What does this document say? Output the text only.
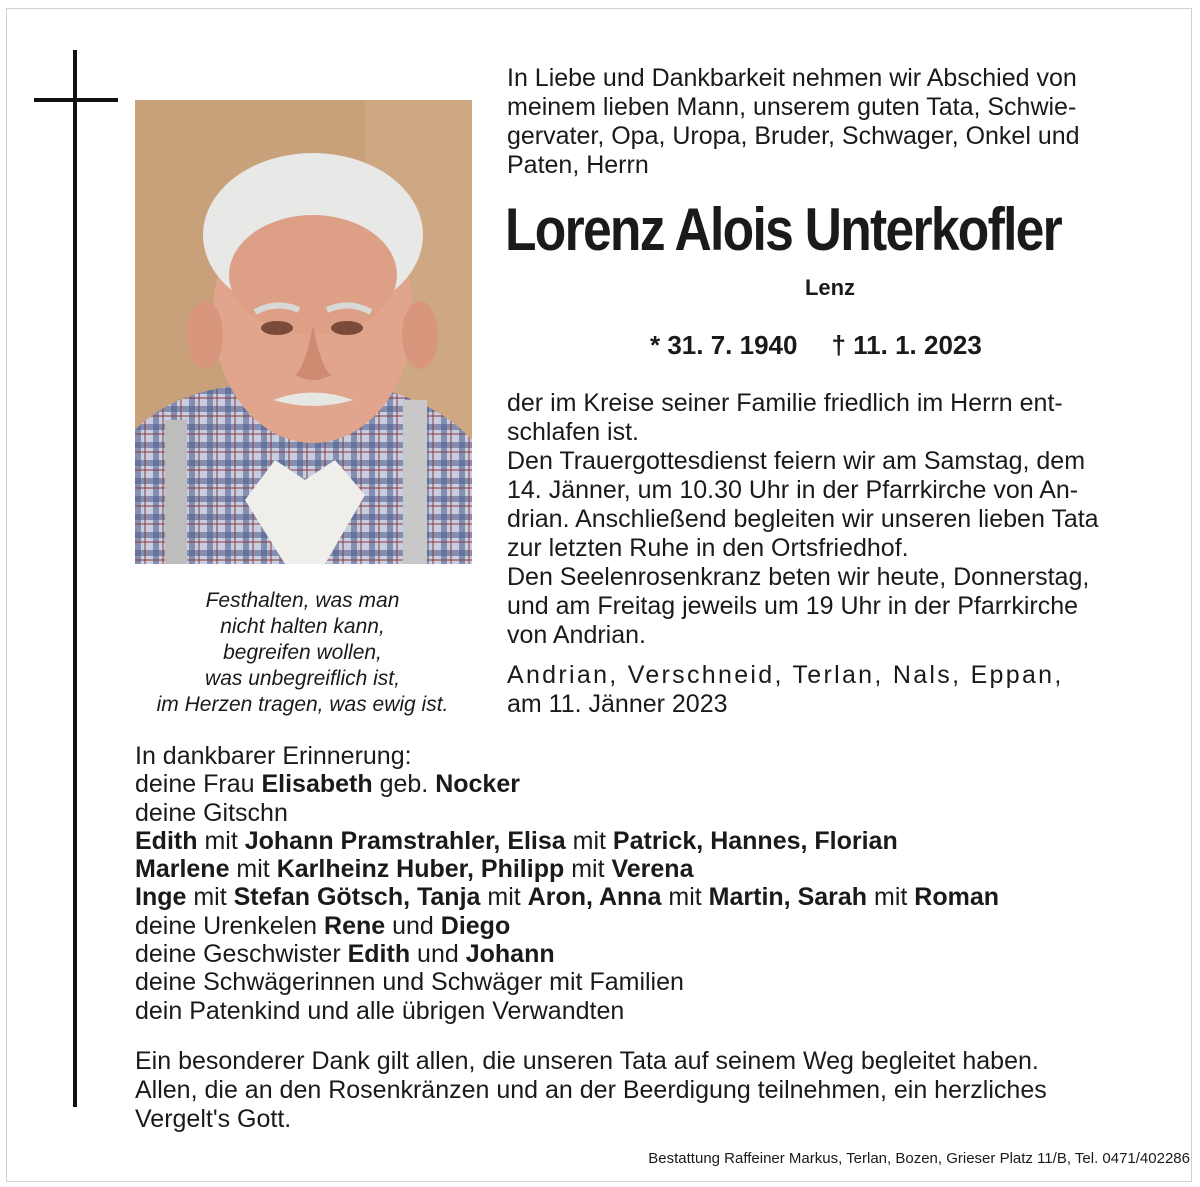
Festhalten, was man
nicht halten kann,
begreifen wollen,
was unbegreiflich ist,
im Herzen tragen, was ewig ist.
In Liebe und Dankbarkeit nehmen wir Abschied von
meinem lieben Mann, unserem guten Tata, Schwie-
gervater, Opa, Uropa, Bruder, Schwager, Onkel und
Paten, Herrn
Lorenz Alois Unterkofler
Lenz
* 31. 7. 1940 † 11. 1. 2023
der im Kreise seiner Familie friedlich im Herrn ent-
schlafen ist.
Den Trauergottesdienst feiern wir am Samstag, dem
14. Jänner, um 10.30 Uhr in der Pfarrkirche von An-
drian. Anschließend begleiten wir unseren lieben Tata
zur letzten Ruhe in den Ortsfriedhof.
Den Seelenrosenkranz beten wir heute, Donnerstag,
und am Freitag jeweils um 19 Uhr in der Pfarrkirche
von Andrian.
Andrian, Verschneid, Terlan, Nals, Eppan,
am 11. Jänner 2023
In dankbarer Erinnerung:
deine Frau Elisabeth geb. Nocker
deine Gitschn
Edith mit Johann Pramstrahler, Elisa mit Patrick, Hannes, Florian
Marlene mit Karlheinz Huber, Philipp mit Verena
Inge mit Stefan Götsch, Tanja mit Aron, Anna mit Martin, Sarah mit Roman
deine Urenkelen Rene und Diego
deine Geschwister Edith und Johann
deine Schwägerinnen und Schwäger mit Familien
dein Patenkind und alle übrigen Verwandten
Ein besonderer Dank gilt allen, die unseren Tata auf seinem Weg begleitet haben.
Allen, die an den Rosenkränzen und an der Beerdigung teilnehmen, ein herzliches
Vergelt's Gott.
Bestattung Raffeiner Markus, Terlan, Bozen, Grieser Platz 11/B, Tel. 0471/402286
